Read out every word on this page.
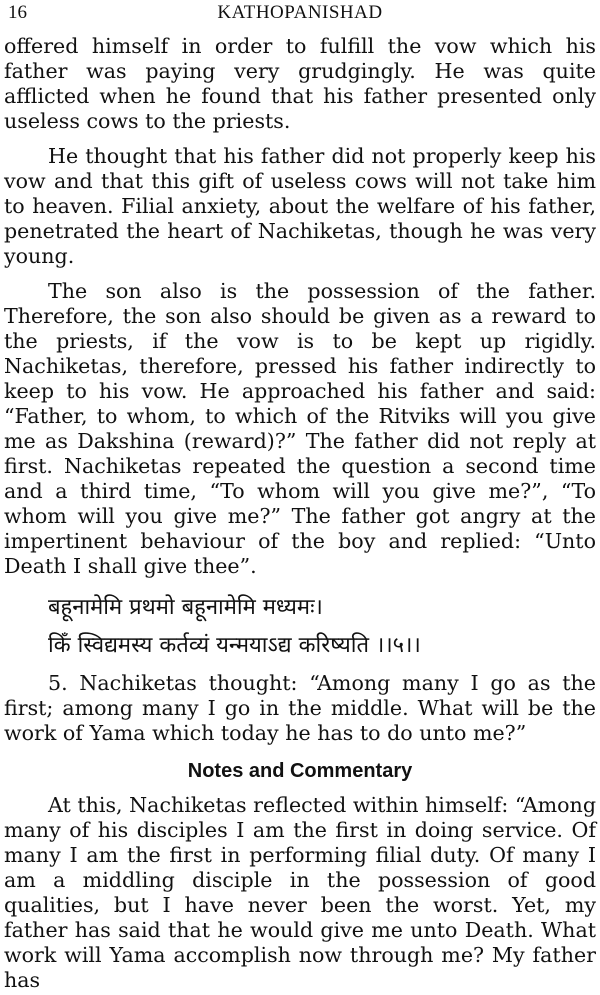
16	KATHOPANISHAD

offered himself in order to fulfill the vow which his father was paying very grudgingly. He was quite afflicted when he found that his father presented only useless cows to the priests.

He thought that his father did not properly keep his vow and that this gift of useless cows will not take him to heaven. Filial anxiety, about the welfare of his father, penetrated the heart of Nachiketas, though he was very young.

The son also is the possession of the father. Therefore, the son also should be given as a reward to the priests, if the vow is to be kept up rigidly. Nachiketas, therefore, pressed his father indirectly to keep to his vow. He approached his father and said: “Father, to whom, to which of the Ritviks will you give me as Dakshina (reward)?” The father did not reply at first. Nachiketas repeated the question a second time and a third time, “To whom will you give me?”, “To whom will you give me?” The father got angry at the impertinent behaviour of the boy and replied: “Unto Death I shall give thee”.

बहूनामेमि प्रथमो बहूनामेमि मध्यमः।
किँ स्विद्यमस्य कर्तव्यं यन्मयाऽद्य करिष्यति ।।५।।

5. Nachiketas thought: “Among many I go as the first; among many I go in the middle. What will be the work of Yama which today he has to do unto me?”

Notes and Commentary

At this, Nachiketas reflected within himself: “Among many of his disciples I am the first in doing service. Of many I am the first in performing filial duty. Of many I am a middling disciple in the possession of good qualities, but I have never been the worst. Yet, my father has said that he would give me unto Death. What work will Yama accomplish now through me? My father has
